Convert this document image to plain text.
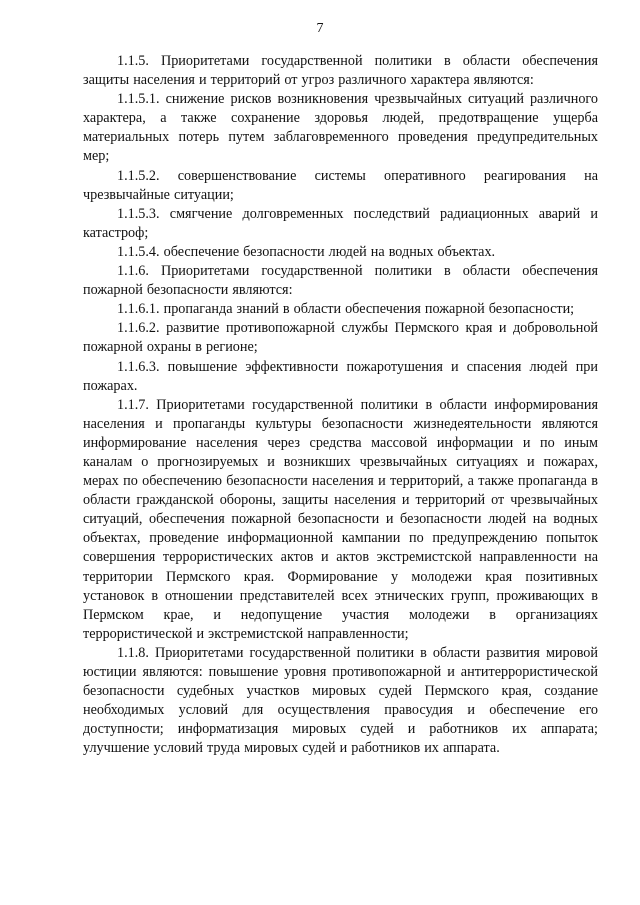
7

1.1.5. Приоритетами государственной политики в области обеспечения защиты населения и территорий от угроз различного характера являются:

1.1.5.1. снижение рисков возникновения чрезвычайных ситуаций различного характера, а также сохранение здоровья людей, предотвращение ущерба материальных потерь путем заблаговременного проведения предупредительных мер;

1.1.5.2. совершенствование системы оперативного реагирования на чрезвычайные ситуации;

1.1.5.3. смягчение долговременных последствий радиационных аварий и катастроф;

1.1.5.4. обеспечение безопасности людей на водных объектах.

1.1.6. Приоритетами государственной политики в области обеспечения пожарной безопасности являются:

1.1.6.1. пропаганда знаний в области обеспечения пожарной безопасности;

1.1.6.2. развитие противопожарной службы Пермского края и добровольной пожарной охраны в регионе;

1.1.6.3. повышение эффективности пожаротушения и спасения людей при пожарах.

1.1.7. Приоритетами государственной политики в области информирования населения и пропаганды культуры безопасности жизнедеятельности являются информирование населения через средства массовой информации и по иным каналам о прогнозируемых и возникших чрезвычайных ситуациях и пожарах, мерах по обеспечению безопасности населения и территорий, а также пропаганда в области гражданской обороны, защиты населения и территорий от чрезвычайных ситуаций, обеспечения пожарной безопасности и безопасности людей на водных объектах, проведение информационной кампании по предупреждению попыток совершения террористических актов и актов экстремистской направленности на территории Пермского края. Формирование у молодежи края позитивных установок в отношении представителей всех этнических групп, проживающих в Пермском крае, и недопущение участия молодежи в организациях террористической и экстремистской направленности;

1.1.8. Приоритетами государственной политики в области развития мировой юстиции являются: повышение уровня противопожарной и антитеррористической безопасности судебных участков мировых судей Пермского края, создание необходимых условий для осуществления правосудия и обеспечение его доступности; информатизация мировых судей и работников их аппарата; улучшение условий труда мировых судей и работников их аппарата.
